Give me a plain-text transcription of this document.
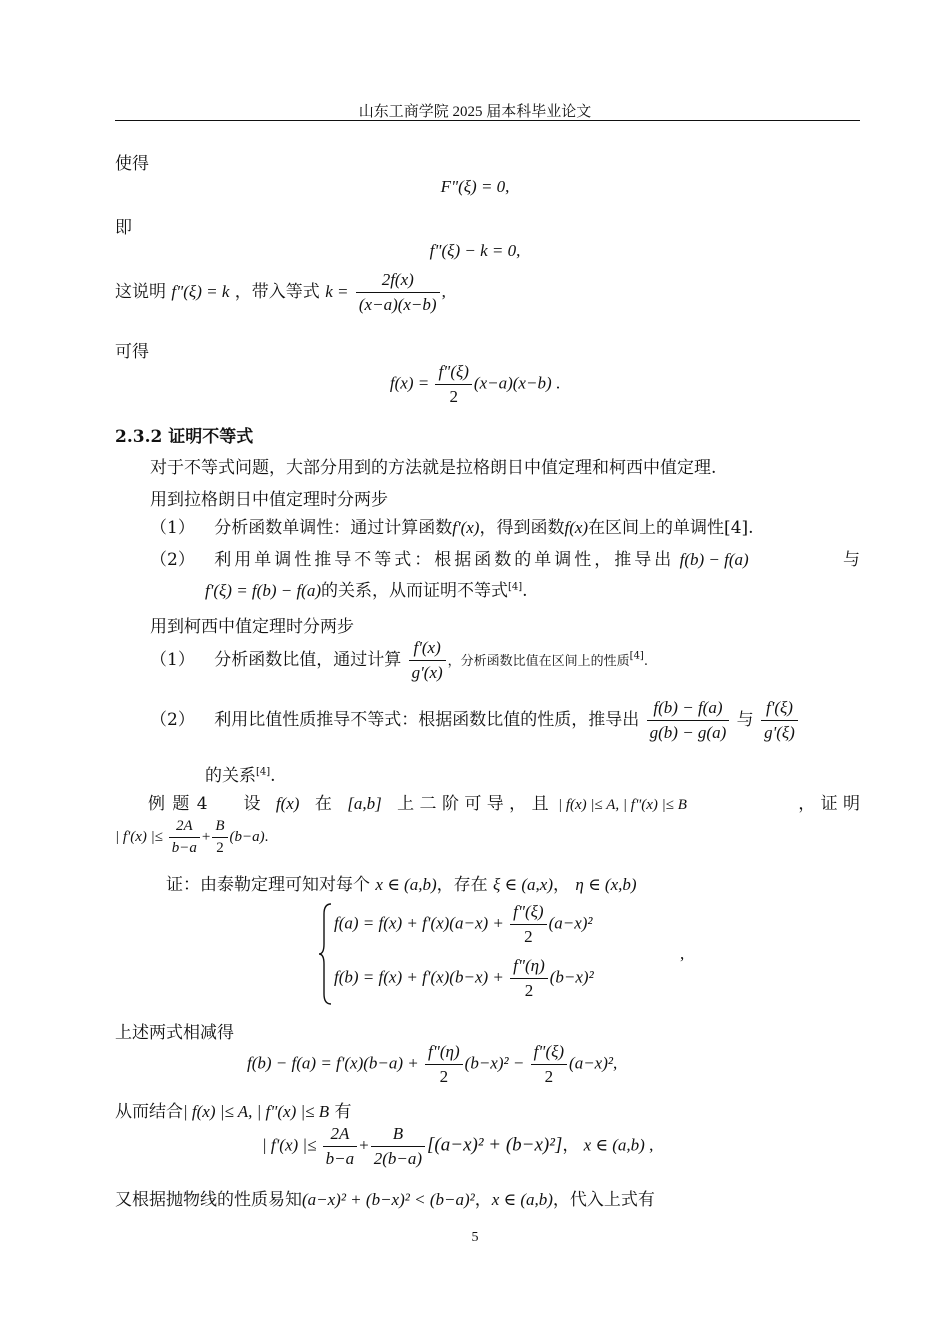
山东工商学院 2025 届本科毕业论文
使得
F"(ξ) = 0,
即
f"(ξ) − k = 0,
这说明 f"(ξ) = k ，带入等式 $k = \frac{2f(x)}{(x-a)(x-b)}$ ,
可得
$f(x) = \frac{f"(\xi)}{2} (x-a)(x-b)$ .
2.3.2 证明不等式
对于不等式问题，大部分用到的方法就是拉格朗日中值定理和柯西中值定理.
用到拉格朗日中值定理时分两步
（1） 分析函数单调性：通过计算函数f'(x)，得到函数f(x)在区间上的单调性[4].
（2） 利用单调性推导不等式：根据函数的单调性，推导出 f(b) − f(a)	与
f'(ξ) = f(b) − f(a)的关系，从而证明不等式[4].
用到柯西中值定理时分两步
（1） 分析函数比值，通过计算 $\frac{f'(x)}{g'(x)}$ ，分析函数比值在区间上的性质[4].
（2） 利用比值性质推导不等式：根据函数比值的性质，推导出 $\frac{f(b) - f(a)}{g(b) - g(a)}$ 与 $\frac{f'(\xi)}{g'(\xi)}$
的关系[4].
例 题 4 设 f(x) 在 [a,b] 上 二 阶 可 导 ， 且 | f(x) |≤ A, | f"(x) |≤ B	， 证 明
| f'(x) |≤ $\frac{2A}{b-a} + \frac{B}{2} (b-a)$.
证：由泰勒定理可知对每个 x ∈ (a,b)，存在 ξ ∈ (a,x)， η ∈ (x,b)
$f(a) = f(x) + f'(x)(a-x) + \frac{f"(\xi)}{2} (a-x)^2$
$f(b) = f(x) + f'(x)(b-x) + \frac{f"(\eta)}{2} (b-x)^2$
,
上述两式相减得
$f(b) - f(a) = f'(x)(b-a) + \frac{f"(\eta)}{2} (b-x)^2 - \frac{f"(\xi)}{2} (a-x)^2$,
从而结合| f(x) |≤ A, | f"(x) |≤ B 有
| f'(x) |≤ $\frac{2A}{b-a} + \frac{B}{2(b-a)} [(a-x)^2 + (b-x)^2]$， x ∈ (a,b) ,
又根据抛物线的性质易知(a−x)² + (b−x)² < (b−a)²，x ∈ (a,b)，代入上式有
5
